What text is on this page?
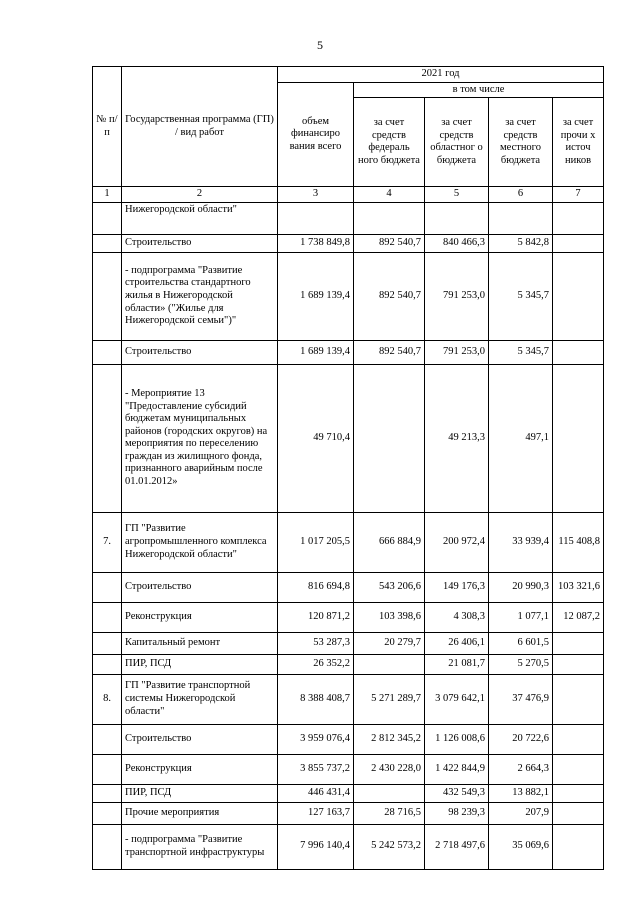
5
№ п/п	Государственная программа (ГП) / вид работ	2021 год				
		объем финансиро вания всего	в том числе			
			за счет средств федераль ного бюджета	за счет средств областног о бюджета	за счет средств местного бюджета	за счет прочи х источ ников
1	2	3	4	5	6	7
	Нижегородской области"					
	Строительство	1 738 849,8	892 540,7	840 466,3	5 842,8	
	- подпрограмма "Развитие строительства стандартного жилья в Нижегородской области» ("Жилье для Нижегородской семьи")"	1 689 139,4	892 540,7	791 253,0	5 345,7	
	Строительство	1 689 139,4	892 540,7	791 253,0	5 345,7	
	- Мероприятие 13 "Предоставление субсидий бюджетам муниципальных районов (городских округов) на мероприятия по переселению граждан из жилищного фонда, признанного аварийным после 01.01.2012»	49 710,4		49 213,3	497,1	
7.	ГП "Развитие агропромышленного комплекса Нижегородской области"	1 017 205,5	666 884,9	200 972,4	33 939,4	115 408,8
	Строительство	816 694,8	543 206,6	149 176,3	20 990,3	103 321,6
	Реконструкция	120 871,2	103 398,6	4 308,3	1 077,1	12 087,2
	Капитальный ремонт	53 287,3	20 279,7	26 406,1	6 601,5	
	ПИР, ПСД	26 352,2		21 081,7	5 270,5	
8.	ГП "Развитие транспортной системы Нижегородской области"	8 388 408,7	5 271 289,7	3 079 642,1	37 476,9	
	Строительство	3 959 076,4	2 812 345,2	1 126 008,6	20 722,6	
	Реконструкция	3 855 737,2	2 430 228,0	1 422 844,9	2 664,3	
	ПИР, ПСД	446 431,4		432 549,3	13 882,1	
	Прочие мероприятия	127 163,7	28 716,5	98 239,3	207,9	
	- подпрограмма "Развитие транспортной инфраструктуры	7 996 140,4	5 242 573,2	2 718 497,6	35 069,6	
